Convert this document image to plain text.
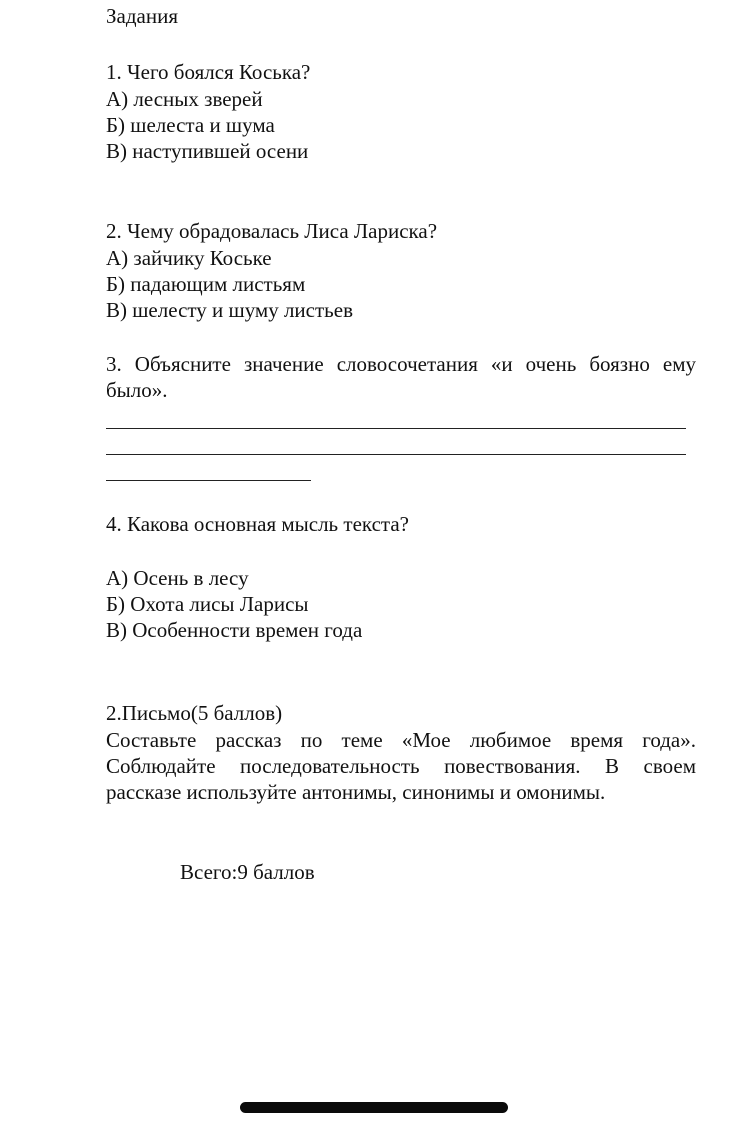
Задания

1. Чего боялся Коська?

А) лесных зверей

Б) шелеста и шума

В) наступившей осени

2. Чему обрадовалась Лиса Лариска?

А) зайчику Коське

Б) падающим листьям

В) шелесту и шуму листьев

3. Объясните значение словосочетания «и очень боязно ему было».

4. Какова основная мысль текста?

А) Осень в лесу

Б) Охота лисы Ларисы

В) Особенности времен года

2.Письмо(5 баллов)

Составьте рассказ по теме «Мое любимое время года». Соблюдайте последовательность повествования. В своем рассказе используйте антонимы, синонимы и омонимы.

Всего:9 баллов
